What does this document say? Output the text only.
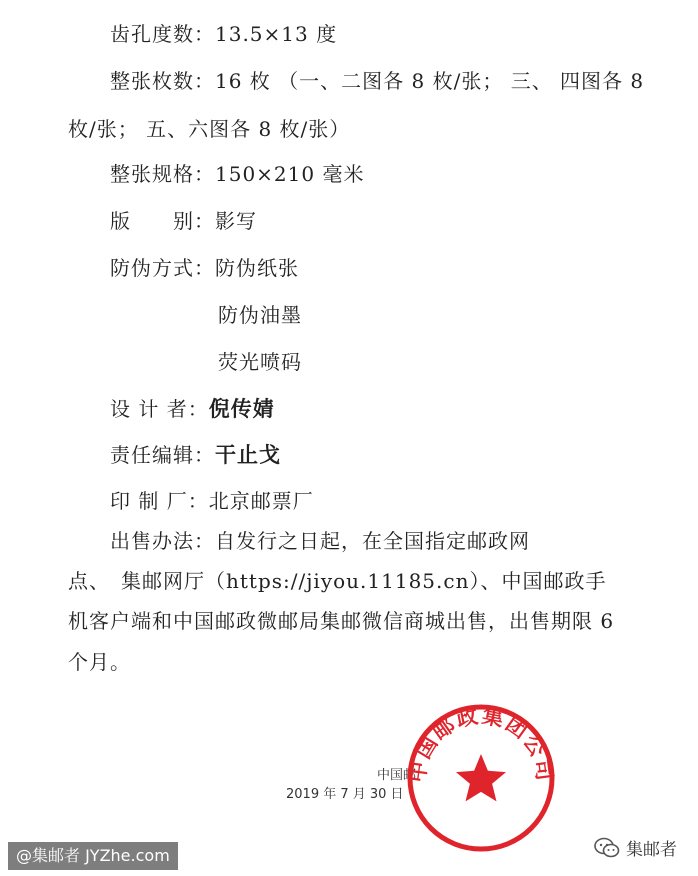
齿孔度数：13.5×13 度
整张枚数：16 枚 （一、二图各 8 枚/张； 三、 四图各 8
枚/张； 五、六图各 8 枚/张）
整张规格：150×210 毫米
版　　别：影写
防伪方式：防伪纸张
防伪油墨
荧光喷码
设 计 者：倪传婧
责任编辑：干止戈
印 制 厂：北京邮票厂
出售办法：自发行之日起，在全国指定邮政网
点、　集邮网厅（https://jiyou.11185.cn）、中国邮政手
机客户端和中国邮政微邮局集邮微信商城出售，出售期限 6
个月。
中国邮
2019 年 7 月 30 日
中国邮政集团公司
@集邮者 JYZhe.com	集邮者
